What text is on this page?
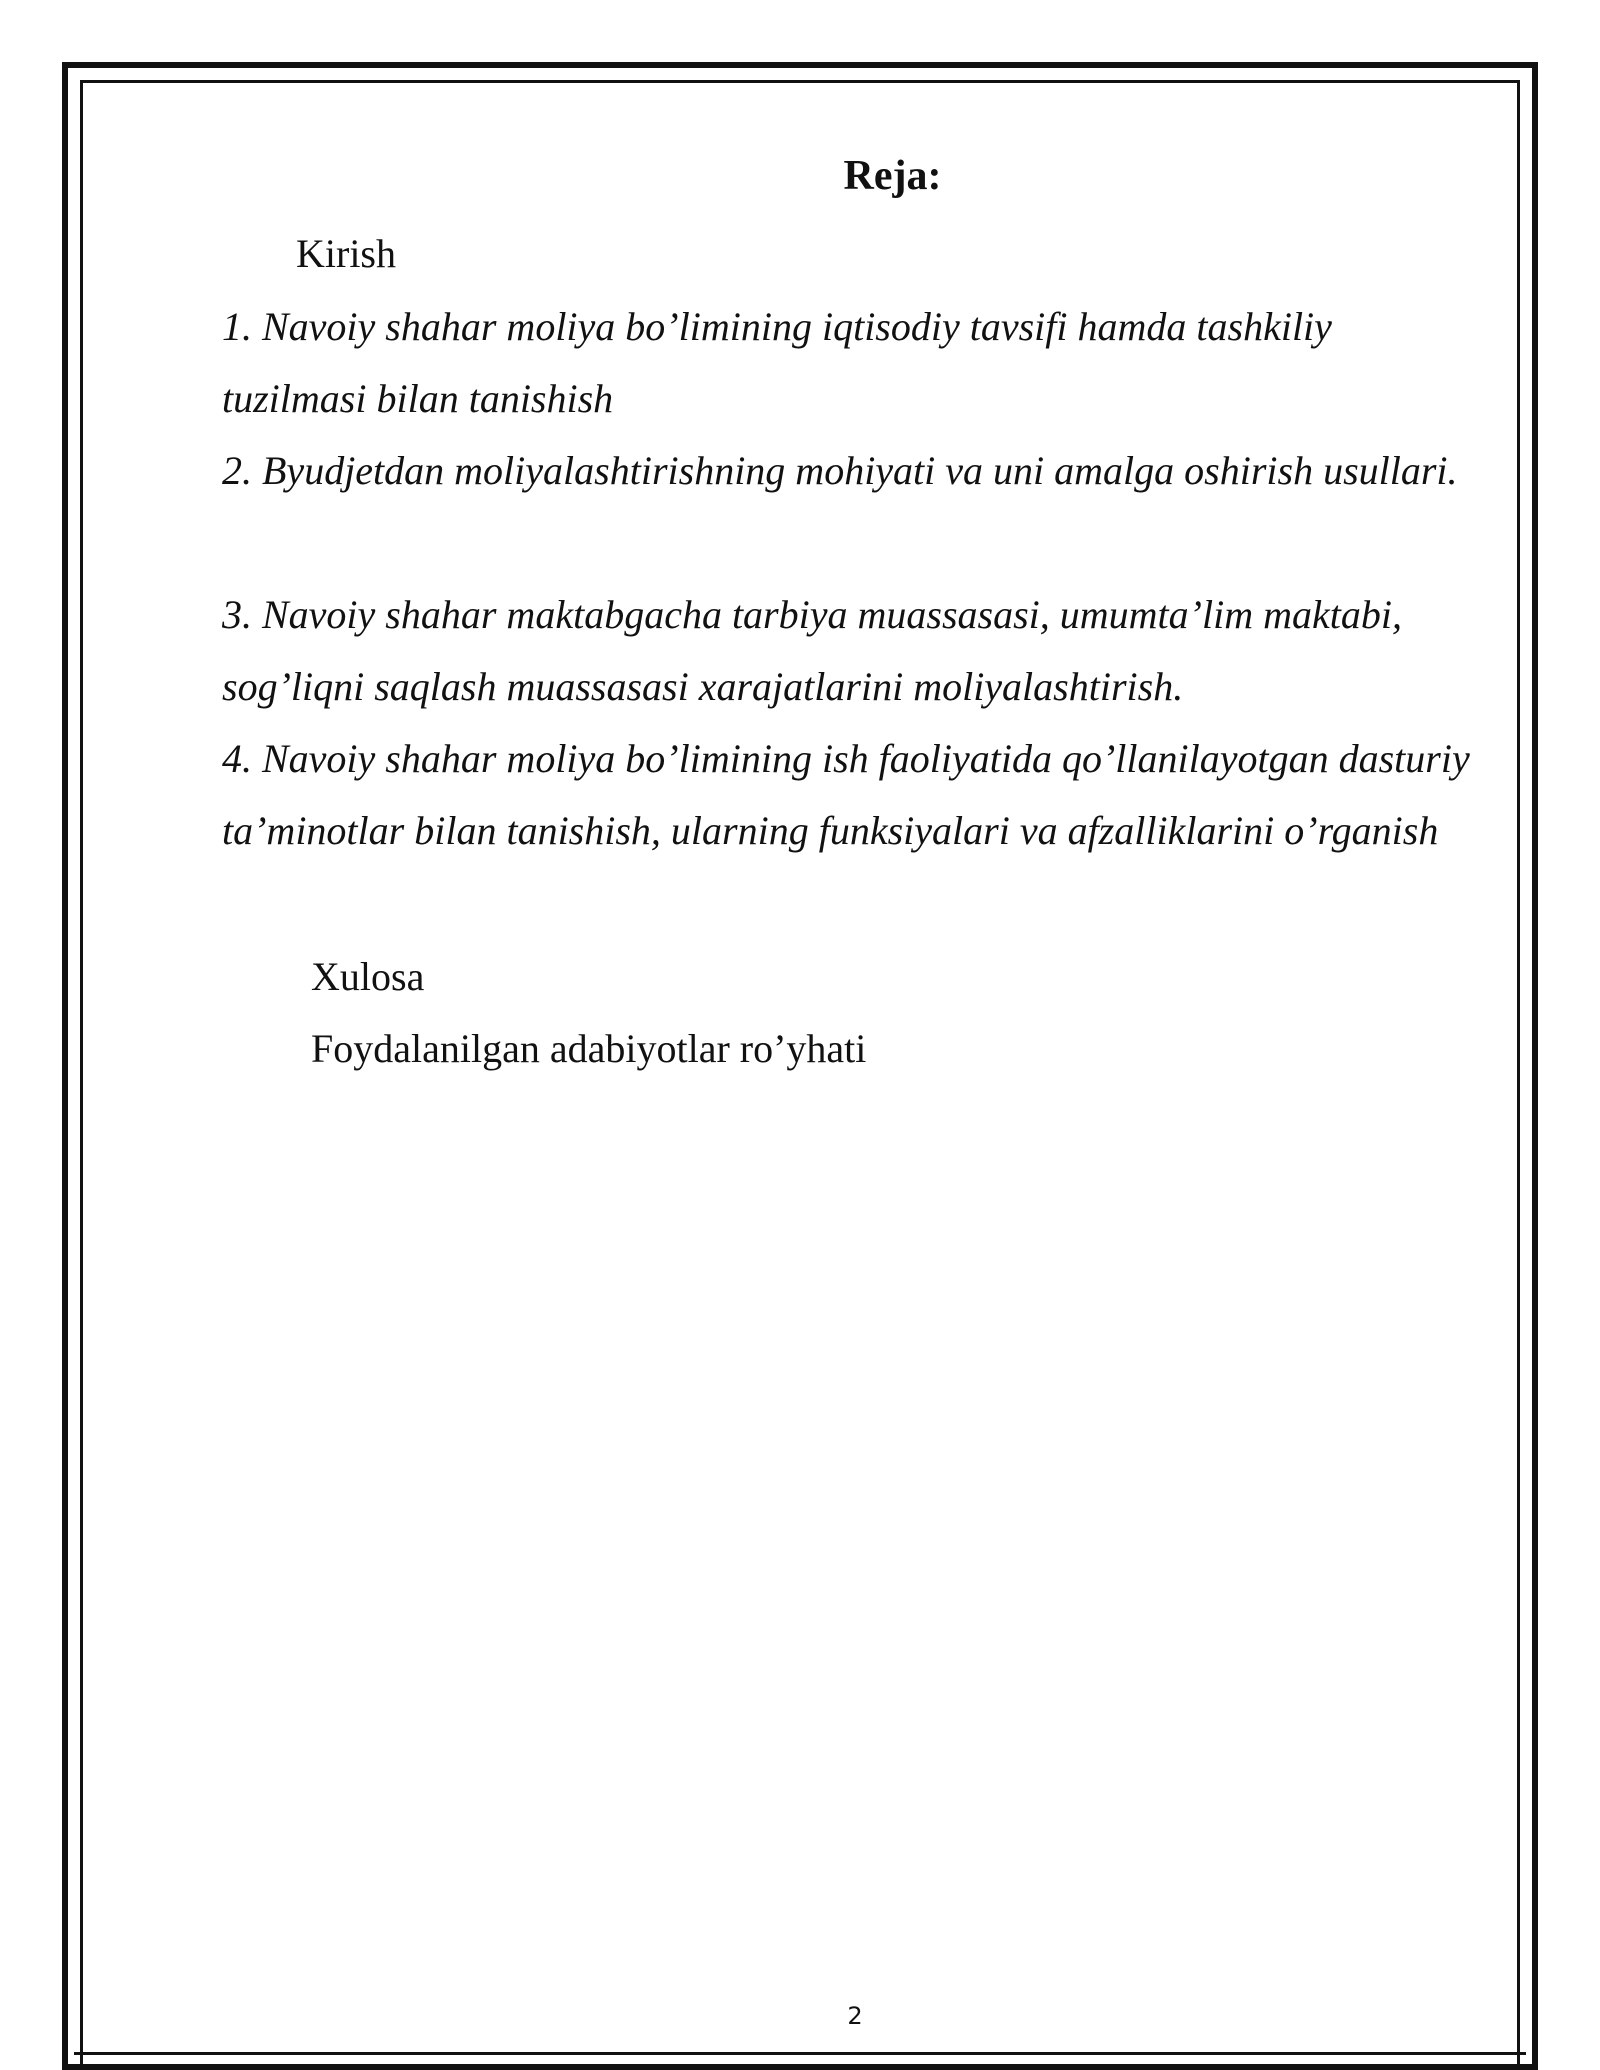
Reja:
Kirish
1. Navoiy shahar moliya bo’limining iqtisodiy tavsifi hamda tashkiliy tuzilmasi bilan tanishish
2. Byudjetdan moliyalashtirishning mohiyati va uni amalga oshirish usullari.
3. Navoiy shahar maktabgacha tarbiya muassasasi, umumta’lim maktabi, sog’liqni saqlash muassasasi xarajatlarini moliyalashtirish.
4. Navoiy shahar moliya bo’limining ish faoliyatida qo’llanilayotgan dasturiy ta’minotlar bilan tanishish, ularning funksiyalari va afzalliklarini o’rganish
Xulosa
Foydalanilgan adabiyotlar ro’yhati
2
